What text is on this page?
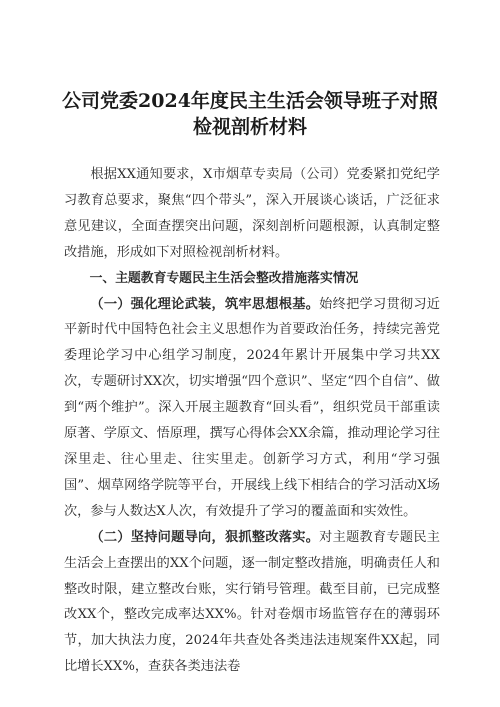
公司党委2024年度民主生活会领导班子对照
检视剖析材料

根据XX通知要求，X市烟草专卖局（公司）党委紧扣党纪学习教育总要求，聚焦“四个带头”，深入开展谈心谈话，广泛征求意见建议，全面查摆突出问题，深刻剖析问题根源，认真制定整改措施，形成如下对照检视剖析材料。

一、主题教育专题民主生活会整改措施落实情况

（一）强化理论武装，筑牢思想根基。始终把学习贯彻习近平新时代中国特色社会主义思想作为首要政治任务，持续完善党委理论学习中心组学习制度，2024年累计开展集中学习共XX次，专题研讨XX次，切实增强“四个意识”、坚定“四个自信”、做到“两个维护”。深入开展主题教育“回头看”，组织党员干部重读原著、学原文、悟原理，撰写心得体会XX余篇，推动理论学习往深里走、往心里走、往实里走。创新学习方式，利用“学习强国”、烟草网络学院等平台，开展线上线下相结合的学习活动X场次，参与人数达X人次，有效提升了学习的覆盖面和实效性。

（二）坚持问题导向，狠抓整改落实。对主题教育专题民主生活会上查摆出的XX个问题，逐一制定整改措施，明确责任人和整改时限，建立整改台账，实行销号管理。截至目前，已完成整改XX个，整改完成率达XX%。针对卷烟市场监管存在的薄弱环节，加大执法力度，2024年共查处各类违法违规案件XX起，同比增长XX%，查获各类违法卷
